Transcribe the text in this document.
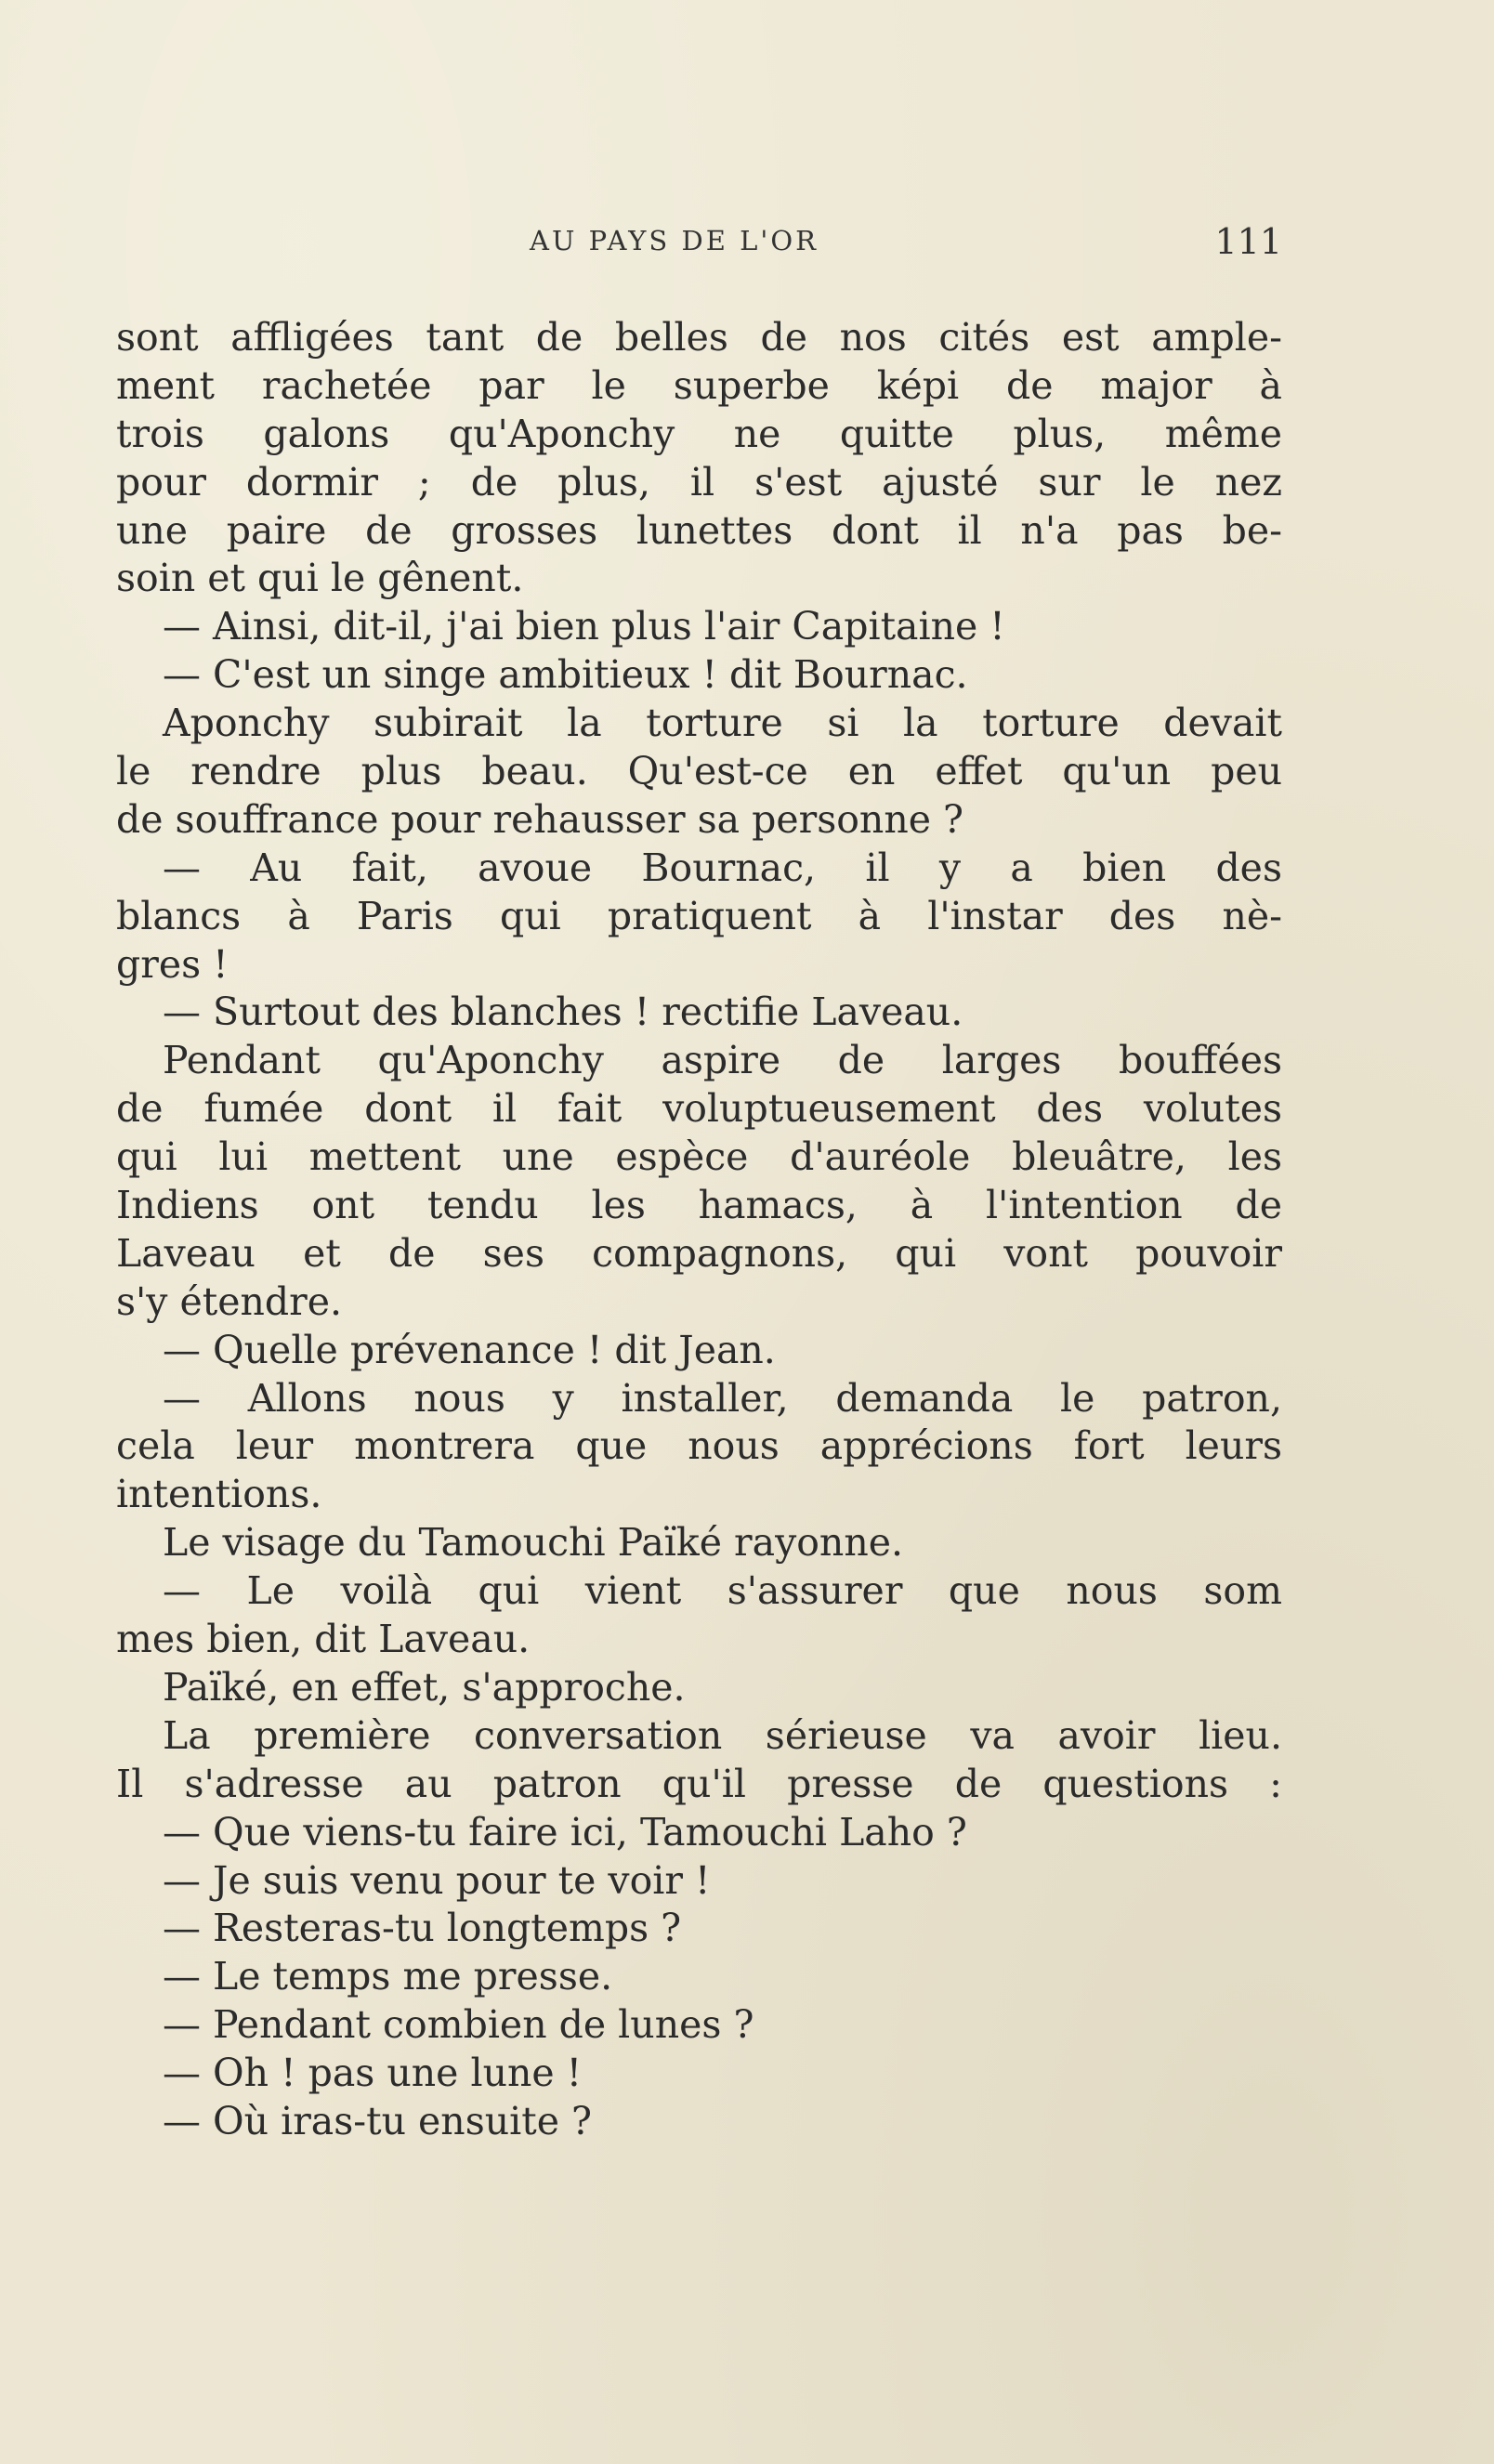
AU PAYS DE L'OR	111
sont affligées tant de belles de nos cités est ample-
ment rachetée par le superbe képi de major à
trois galons qu'Aponchy ne quitte plus, même
pour dormir ; de plus, il s'est ajusté sur le nez
une paire de grosses lunettes dont il n'a pas be-
soin et qui le gênent.
— Ainsi, dit-il, j'ai bien plus l'air Capitaine !
— C'est un singe ambitieux ! dit Bournac.
Aponchy subirait la torture si la torture devait
le rendre plus beau. Qu'est-ce en effet qu'un peu
de souffrance pour rehausser sa personne ?
— Au fait, avoue Bournac, il y a bien des
blancs à Paris qui pratiquent à l'instar des nè-
gres !
— Surtout des blanches ! rectifie Laveau.
Pendant qu'Aponchy aspire de larges bouffées
de fumée dont il fait voluptueusement des volutes
qui lui mettent une espèce d'auréole bleuâtre, les
Indiens ont tendu les hamacs, à l'intention de
Laveau et de ses compagnons, qui vont pouvoir
s'y étendre.
— Quelle prévenance ! dit Jean.
— Allons nous y installer, demanda le patron,
cela leur montrera que nous apprécions fort leurs
intentions.
Le visage du Tamouchi Païké rayonne.
— Le voilà qui vient s'assurer que nous som
mes bien, dit Laveau.
Païké, en effet, s'approche.
La première conversation sérieuse va avoir lieu.
Il s'adresse au patron qu'il presse de questions :
— Que viens-tu faire ici, Tamouchi Laho ?
— Je suis venu pour te voir !
— Resteras-tu longtemps ?
— Le temps me presse.
— Pendant combien de lunes ?
— Oh ! pas une lune !
— Où iras-tu ensuite ?
